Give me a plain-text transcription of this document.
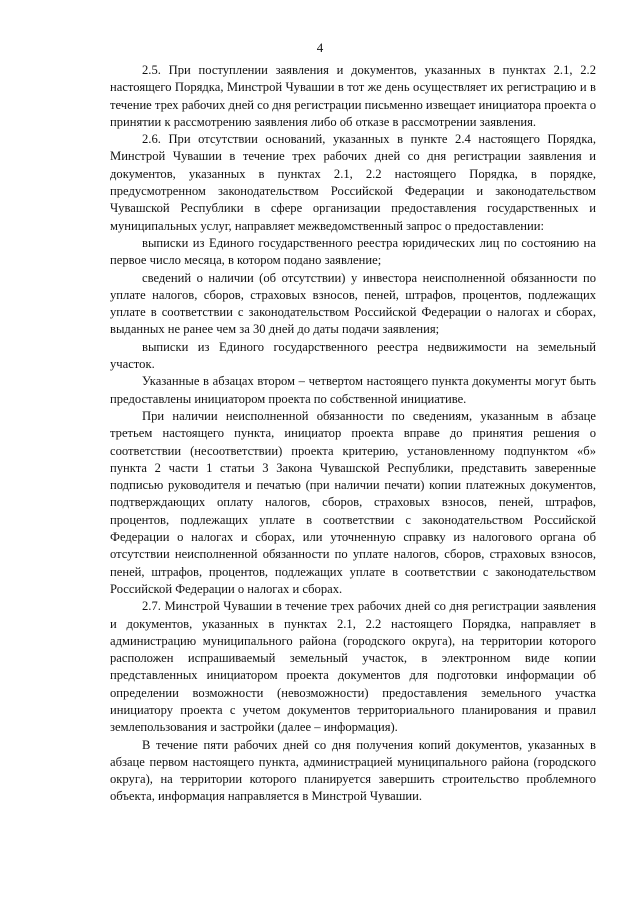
4

2.5. При поступлении заявления и документов, указанных в пунктах 2.1, 2.2 настоящего Порядка, Минстрой Чувашии в тот же день осуществляет их регистрацию и в течение трех рабочих дней со дня регистрации письменно извещает инициатора проекта о принятии к рассмотрению заявления либо об отказе в рассмотрении заявления.

2.6. При отсутствии оснований, указанных в пункте 2.4 настоящего Порядка, Минстрой Чувашии в течение трех рабочих дней со дня регистрации заявления и документов, указанных в пунктах 2.1, 2.2 настоящего Порядка, в порядке, предусмотренном законодательством Российской Федерации и законодательством Чувашской Республики в сфере организации предоставления государственных и муниципальных услуг, направляет межведомственный запрос о предоставлении:

выписки из Единого государственного реестра юридических лиц по состоянию на первое число месяца, в котором подано заявление;

сведений о наличии (об отсутствии) у инвестора неисполненной обязанности по уплате налогов, сборов, страховых взносов, пеней, штрафов, процентов, подлежащих уплате в соответствии с законодательством Российской Федерации о налогах и сборах, выданных не ранее чем за 30 дней до даты подачи заявления;

выписки из Единого государственного реестра недвижимости на земельный участок.

Указанные в абзацах втором – четвертом настоящего пункта документы могут быть предоставлены инициатором проекта по собственной инициативе.

При наличии неисполненной обязанности по сведениям, указанным в абзаце третьем настоящего пункта, инициатор проекта вправе до принятия решения о соответствии (несоответствии) проекта критерию, установленному подпунктом «б» пункта 2 части 1 статьи 3 Закона Чувашской Республики, представить заверенные подписью руководителя и печатью (при наличии печати) копии платежных документов, подтверждающих оплату налогов, сборов, страховых взносов, пеней, штрафов, процентов, подлежащих уплате в соответствии с законодательством Российской Федерации о налогах и сборах, или уточненную справку из налогового органа об отсутствии неисполненной обязанности по уплате налогов, сборов, страховых взносов, пеней, штрафов, процентов, подлежащих уплате в соответствии с законодательством Российской Федерации о налогах и сборах.

2.7. Минстрой Чувашии в течение трех рабочих дней со дня регистрации заявления и документов, указанных в пунктах 2.1, 2.2 настоящего Порядка, направляет в администрацию муниципального района (городского округа), на территории которого расположен испрашиваемый земельный участок, в электронном виде копии представленных инициатором проекта документов для подготовки информации об определении возможности (невозможности) предоставления земельного участка инициатору проекта с учетом документов территориального планирования и правил землепользования и застройки (далее – информация).

В течение пяти рабочих дней со дня получения копий документов, указанных в абзаце первом настоящего пункта, администрацией муниципального района (городского округа), на территории которого планируется завершить строительство проблемного объекта, информация направляется в Минстрой Чувашии.
